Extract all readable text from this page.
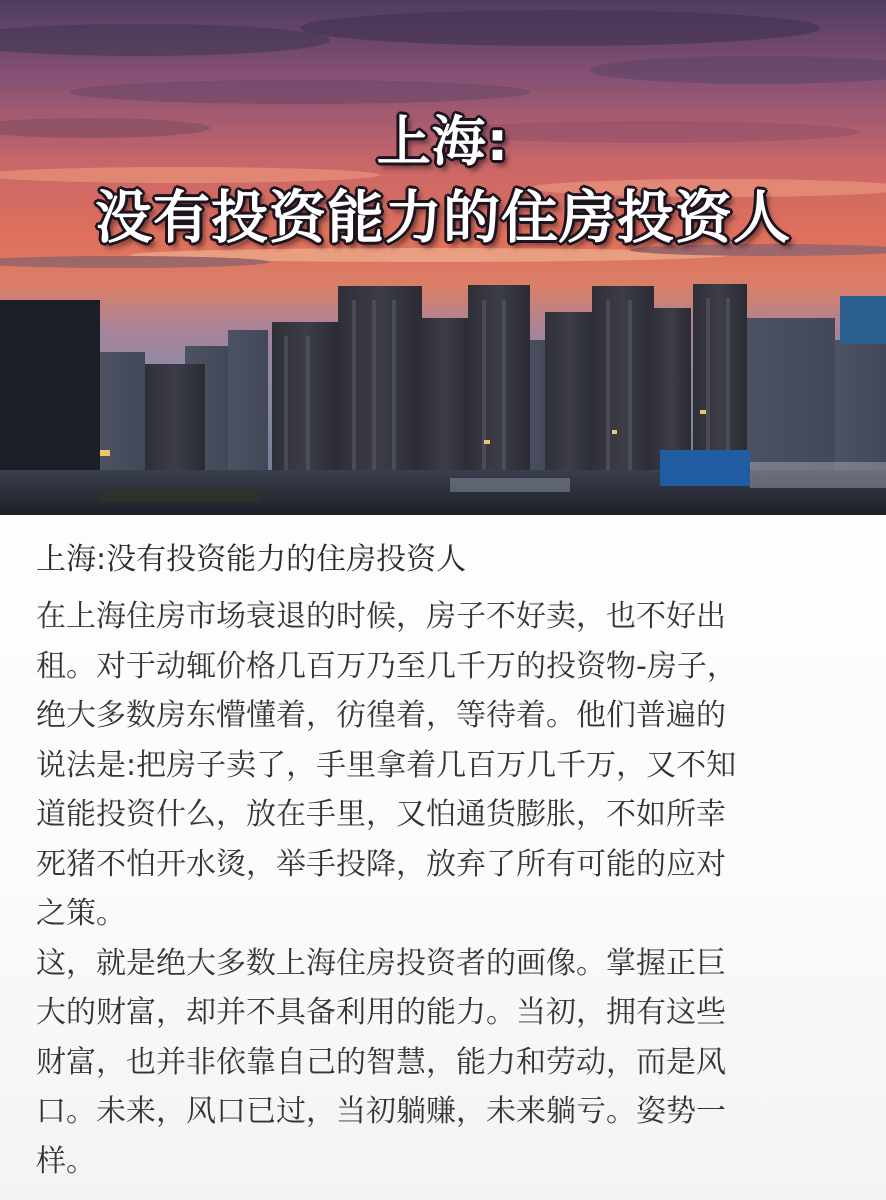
上海:
没有投资能力的住房投资人
上海:没有投资能力的住房投资人

在上海住房市场衰退的时候，房子不好卖，也不好出
租。对于动辄价格几百万乃至几千万的投资物-房子，
绝大多数房东懵懂着，彷徨着，等待着。他们普遍的
说法是:把房子卖了，手里拿着几百万几千万，又不知
道能投资什么，放在手里，又怕通货膨胀，不如所幸
死猪不怕开水烫，举手投降，放弃了所有可能的应对
之策。

这，就是绝大多数上海住房投资者的画像。掌握正巨
大的财富，却并不具备利用的能力。当初，拥有这些
财富，也并非依靠自己的智慧，能力和劳动，而是风
口。未来，风口已过，当初躺赚，未来躺亏。姿势一
样。
